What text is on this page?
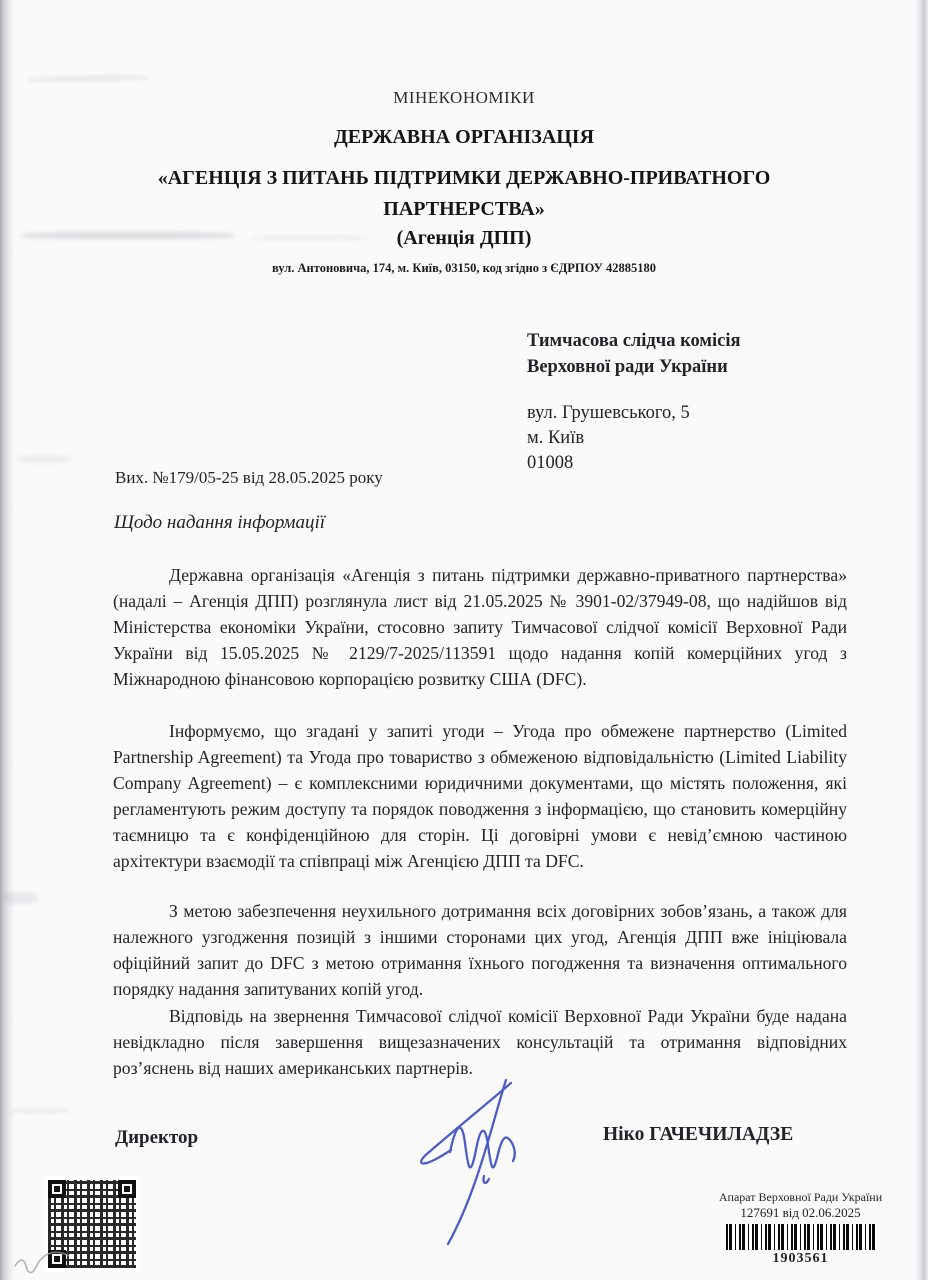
МІНЕКОНОМІКИ
ДЕРЖАВНА ОРГАНІЗАЦІЯ
«АГЕНЦІЯ З ПИТАНЬ ПІДТРИМКИ ДЕРЖАВНО-ПРИВАТНОГО
ПАРТНЕРСТВА»
(Агенція ДПП)
вул. Антоновича, 174, м. Київ, 03150, код згідно з ЄДРПОУ 42885180
Тимчасова слідча комісія
Верховної ради України
вул. Грушевського, 5
м. Київ
01008
Вих. №179/05-25 від 28.05.2025 року
Щодо надання інформації

Державна організація «Агенція з питань підтримки державно-приватного партнерства» (надалі – Агенція ДПП) розглянула лист від 21.05.2025 № 3901-02/37949-08, що надійшов від Міністерства економіки України, стосовно запиту Тимчасової слідчої комісії Верховної Ради України від 15.05.2025 № 2129/7-2025/113591 щодо надання копій комерційних угод з Міжнародною фінансовою корпорацією розвитку США (DFC).

Інформуємо, що згадані у запиті угоди – Угода про обмежене партнерство (Limited Partnership Agreement) та Угода про товариство з обмеженою відповідальністю (Limited Liability Company Agreement) – є комплексними юридичними документами, що містять положення, які регламентують режим доступу та порядок поводження з інформацією, що становить комерційну таємницю та є конфіденційною для сторін. Ці договірні умови є невід’ємною частиною архітектури взаємодії та співпраці між Агенцією ДПП та DFC.

З метою забезпечення неухильного дотримання всіх договірних зобов’язань, а також для належного узгодження позицій з іншими сторонами цих угод, Агенція ДПП вже ініціювала офіційний запит до DFC з метою отримання їхнього погодження та визначення оптимального порядку надання запитуваних копій угод.

Відповідь на звернення Тимчасової слідчої комісії Верховної Ради України буде надана невідкладно після завершення вищезазначених консультацій та отримання відповідних роз’яснень від наших американських партнерів.

Директор	Ніко ГАЧЕЧИЛАДЗЕ
Апарат Верховної Ради України
127691 від 02.06.2025
1903561
